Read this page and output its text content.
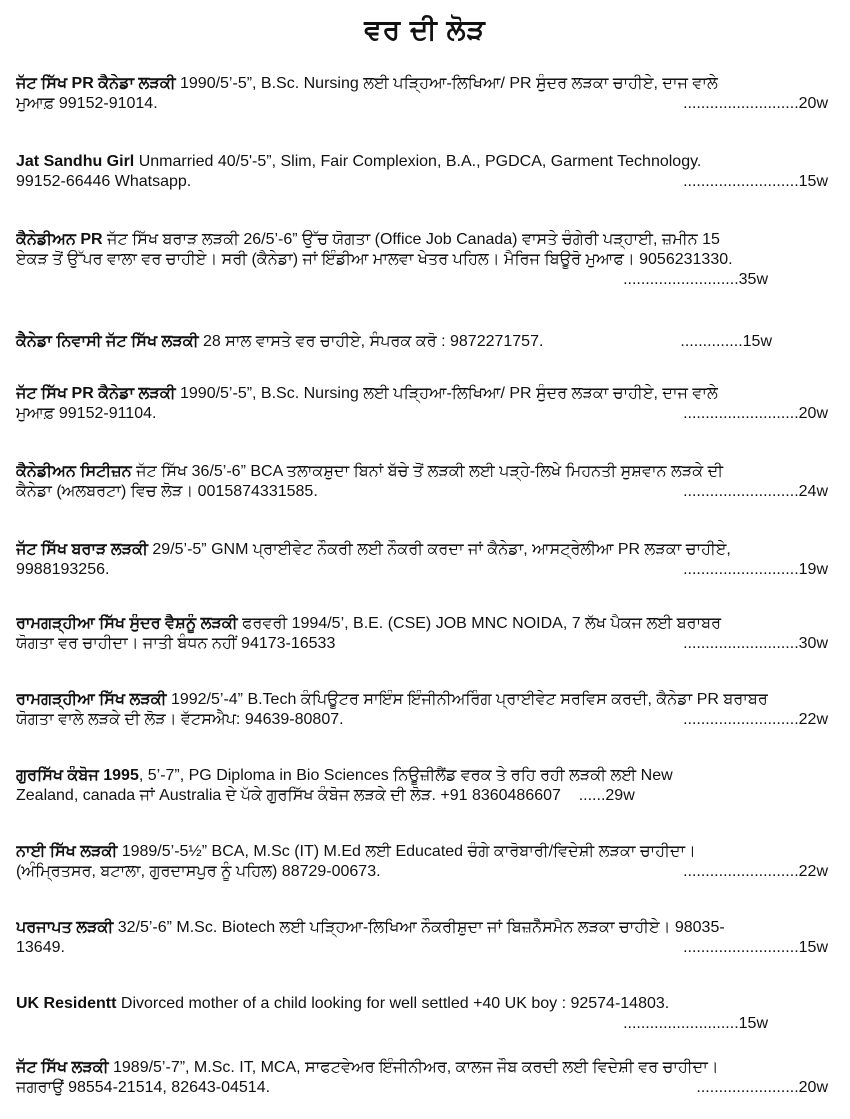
ਵਰ ਦੀ ਲੋੜ
ਜੱਟ ਸਿੱਖ PR ਕੈਨੇਡਾ ਲੜਕੀ 1990/5’-5”, B.Sc. Nursing ਲਈ ਪੜ੍ਹਿਆ-ਲਿਖਿਆ/ PR ਸੁੰਦਰ ਲੜਕਾ ਚਾਹੀਏ, ਦਾਜ ਵਾਲੇ
ਮੁਆਫ਼ 99152-91014.	..........................20w
Jat Sandhu Girl Unmarried 40/5'-5”, Slim, Fair Complexion, B.A., PGDCA, Garment Technology.
99152-66446 Whatsapp.	..........................15w
ਕੈਨੇਡੀਅਨ PR ਜੱਟ ਸਿੱਖ ਬਰਾੜ ਲੜਕੀ 26/5’-6” ਉੱਚ ਯੋਗਤਾ (Office Job Canada) ਵਾਸਤੇ ਚੰਗੇਰੀ ਪੜ੍ਹਾਈ, ਜ਼ਮੀਨ 15
ਏਕੜ ਤੋਂ ਉੱਪਰ ਵਾਲਾ ਵਰ ਚਾਹੀਏ। ਸਰੀ (ਕੈਨੇਡਾ) ਜਾਂ ਇੰਡੀਆ ਮਾਲਵਾ ਖੇਤਰ ਪਹਿਲ। ਮੈਰਿਜ ਬਿਊਰੋ ਮੁਆਫ। 9056231330.
..........................35w
ਕੈਨੇਡਾ ਨਿਵਾਸੀ ਜੱਟ ਸਿੱਖ ਲੜਕੀ 28 ਸਾਲ ਵਾਸਤੇ ਵਰ ਚਾਹੀਏ, ਸੰਪਰਕ ਕਰੋ : 9872271757.	..............15w
ਜੱਟ ਸਿੱਖ PR ਕੈਨੇਡਾ ਲੜਕੀ 1990/5’-5”, B.Sc. Nursing ਲਈ ਪੜ੍ਹਿਆ-ਲਿਖਿਆ/ PR ਸੁੰਦਰ ਲੜਕਾ ਚਾਹੀਏ, ਦਾਜ ਵਾਲੇ
ਮੁਆਫ਼ 99152-91104.	..........................20w
ਕੈਨੇਡੀਅਨ ਸਿਟੀਜ਼ਨ ਜੱਟ ਸਿੱਖ 36/5’-6” BCA ਤਲਾਕਸ਼ੁਦਾ ਬਿਨਾਂ ਬੱਚੇ ਤੋਂ ਲੜਕੀ ਲਈ ਪੜ੍ਹੇ-ਲਿਖੇ ਮਿਹਨਤੀ ਸੁਸ਼ਵਾਨ ਲੜਕੇ ਦੀ
ਕੈਨੇਡਾ (ਅਲਬਰਟਾ) ਵਿਚ ਲੋੜ। 0015874331585.	..........................24w
ਜੱਟ ਸਿੱਖ ਬਰਾੜ ਲੜਕੀ 29/5’-5” GNM ਪ੍ਰਾਈਵੇਟ ਨੌਕਰੀ ਲਈ ਨੌਕਰੀ ਕਰਦਾ ਜਾਂ ਕੈਨੇਡਾ, ਆਸਟ੍ਰੇਲੀਆ PR ਲੜਕਾ ਚਾਹੀਏ,
9988193256.	..........................19w
ਰਾਮਗੜ੍ਹੀਆ ਸਿੱਖ ਸੁੰਦਰ ਵੈਸ਼ਨੂੰ ਲੜਕੀ ਫਰਵਰੀ 1994/5’, B.E. (CSE) JOB MNC NOIDA, 7 ਲੱਖ ਪੈਕਜ ਲਈ ਬਰਾਬਰ
ਯੋਗਤਾ ਵਰ ਚਾਹੀਦਾ। ਜਾਤੀ ਬੰਧਨ ਨਹੀਂ 94173-16533	..........................30w
ਰਾਮਗੜ੍ਹੀਆ ਸਿੱਖ ਲੜਕੀ 1992/5’-4” B.Tech ਕੰਪਿਊਟਰ ਸਾਇੰਸ ਇੰਜੀਨੀਅਰਿੰਗ ਪ੍ਰਾਈਵੇਟ ਸਰਵਿਸ ਕਰਦੀ, ਕੈਨੇਡਾ PR ਬਰਾਬਰ
ਯੋਗਤਾ ਵਾਲੇ ਲੜਕੇ ਦੀ ਲੋੜ। ਵੱਟਸਐਪ: 94639-80807.	..........................22w
ਗੁਰਸਿੱਖ ਕੰਬੋਜ 1995, 5’-7”, PG Diploma in Bio Sciences ਨਿਊਜ਼ੀਲੈਂਡ ਵਰਕ ਤੇ ਰਹਿ ਰਹੀ ਲੜਕੀ ਲਈ New
Zealand, canada ਜਾਂ Australia ਦੇ ਪੱਕੇ ਗੁਰਸਿੱਖ ਕੰਬੋਜ ਲੜਕੇ ਦੀ ਲੋੜ. +91 8360486607 ......29w
ਨਾਈ ਸਿੱਖ ਲੜਕੀ 1989/5’-5½” BCA, M.Sc (IT) M.Ed ਲਈ Educated ਚੰਗੇ ਕਾਰੋਬਾਰੀ/ਵਿਦੇਸ਼ੀ ਲੜਕਾ ਚਾਹੀਦਾ।
(ਅੰਮ੍ਰਿਤਸਰ, ਬਟਾਲਾ, ਗੁਰਦਾਸਪੁਰ ਨੂੰ ਪਹਿਲ) 88729-00673.	..........................22w
ਪਰਜਾਪਤ ਲੜਕੀ 32/5’-6” M.Sc. Biotech ਲਈ ਪੜ੍ਹਿਆ-ਲਿਖਿਆ ਨੌਕਰੀਸ਼ੁਦਾ ਜਾਂ ਬਿਜ਼ਨੈੱਸਮੈਨ ਲੜਕਾ ਚਾਹੀਏ। 98035-
13649.	..........................15w
UK Residentt Divorced mother of a child looking for well settled +40 UK boy : 92574-14803.
..........................15w
ਜੱਟ ਸਿੱਖ ਲੜਕੀ 1989/5’-7”, M.Sc. IT, MCA, ਸਾਫਟਵੇਅਰ ਇੰਜੀਨੀਅਰ, ਕਾਲਜ ਜੌਬ ਕਰਦੀ ਲਈ ਵਿਦੇਸ਼ੀ ਵਰ ਚਾਹੀਦਾ।
ਜਗਰਾਉਂ 98554-21514, 82643-04514.	.......................20w
